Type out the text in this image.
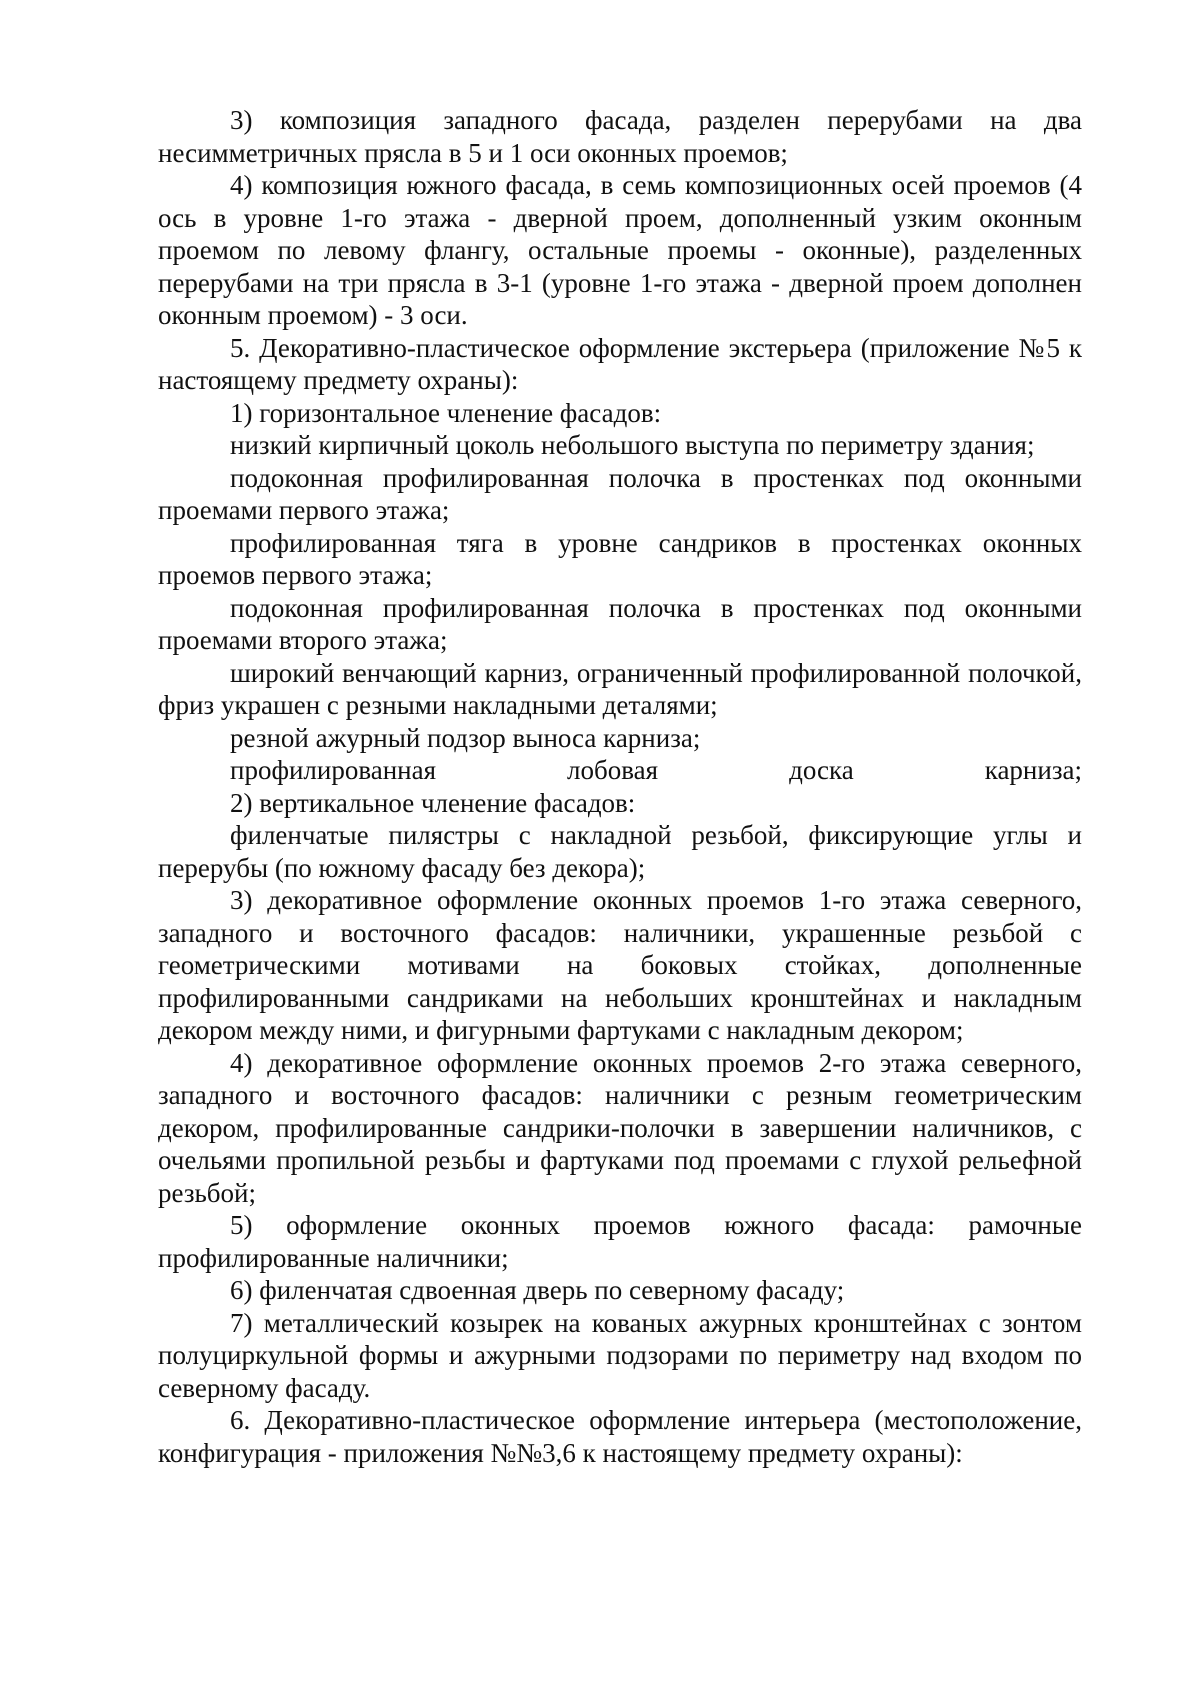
3) композиция западного фасада, разделен перерубами на два несимметричных прясла в 5 и 1 оси оконных проемов;

4) композиция южного фасада, в семь композиционных осей проемов (4 ось в уровне 1-го этажа - дверной проем, дополненный узким оконным проемом по левому флангу, остальные проемы - оконные), разделенных перерубами на три прясла в 3-1 (уровне 1-го этажа - дверной проем дополнен оконным проемом) - 3 оси.

5. Декоративно-пластическое оформление экстерьера (приложение №5 к настоящему предмету охраны):

1) горизонтальное членение фасадов:

низкий кирпичный цоколь небольшого выступа по периметру здания;

подоконная профилированная полочка в простенках под оконными проемами первого этажа;

профилированная тяга в уровне сандриков в простенках оконных проемов первого этажа;

подоконная профилированная полочка в простенках под оконными проемами второго этажа;

широкий венчающий карниз, ограниченный профилированной полочкой, фриз украшен с резными накладными деталями;

резной ажурный подзор выноса карниза;

профилированная лобовая доска карниза;

2) вертикальное членение фасадов:

филенчатые пилястры с накладной резьбой, фиксирующие углы и перерубы (по южному фасаду без декора);

3) декоративное оформление оконных проемов 1-го этажа северного, западного и восточного фасадов: наличники, украшенные резьбой с геометрическими мотивами на боковых стойках, дополненные профилированными сандриками на небольших кронштейнах и накладным декором между ними, и фигурными фартуками с накладным декором;

4) декоративное оформление оконных проемов 2-го этажа северного, западного и восточного фасадов: наличники с резным геометрическим декором, профилированные сандрики-полочки в завершении наличников, с очельями пропильной резьбы и фартуками под проемами с глухой рельефной резьбой;

5) оформление оконных проемов южного фасада: рамочные профилированные наличники;

6) филенчатая сдвоенная дверь по северному фасаду;

7) металлический козырек на кованых ажурных кронштейнах с зонтом полуциркульной формы и ажурными подзорами по периметру над входом по северному фасаду.

6. Декоративно-пластическое оформление интерьера (местоположение, конфигурация - приложения №№3,6 к настоящему предмету охраны):
